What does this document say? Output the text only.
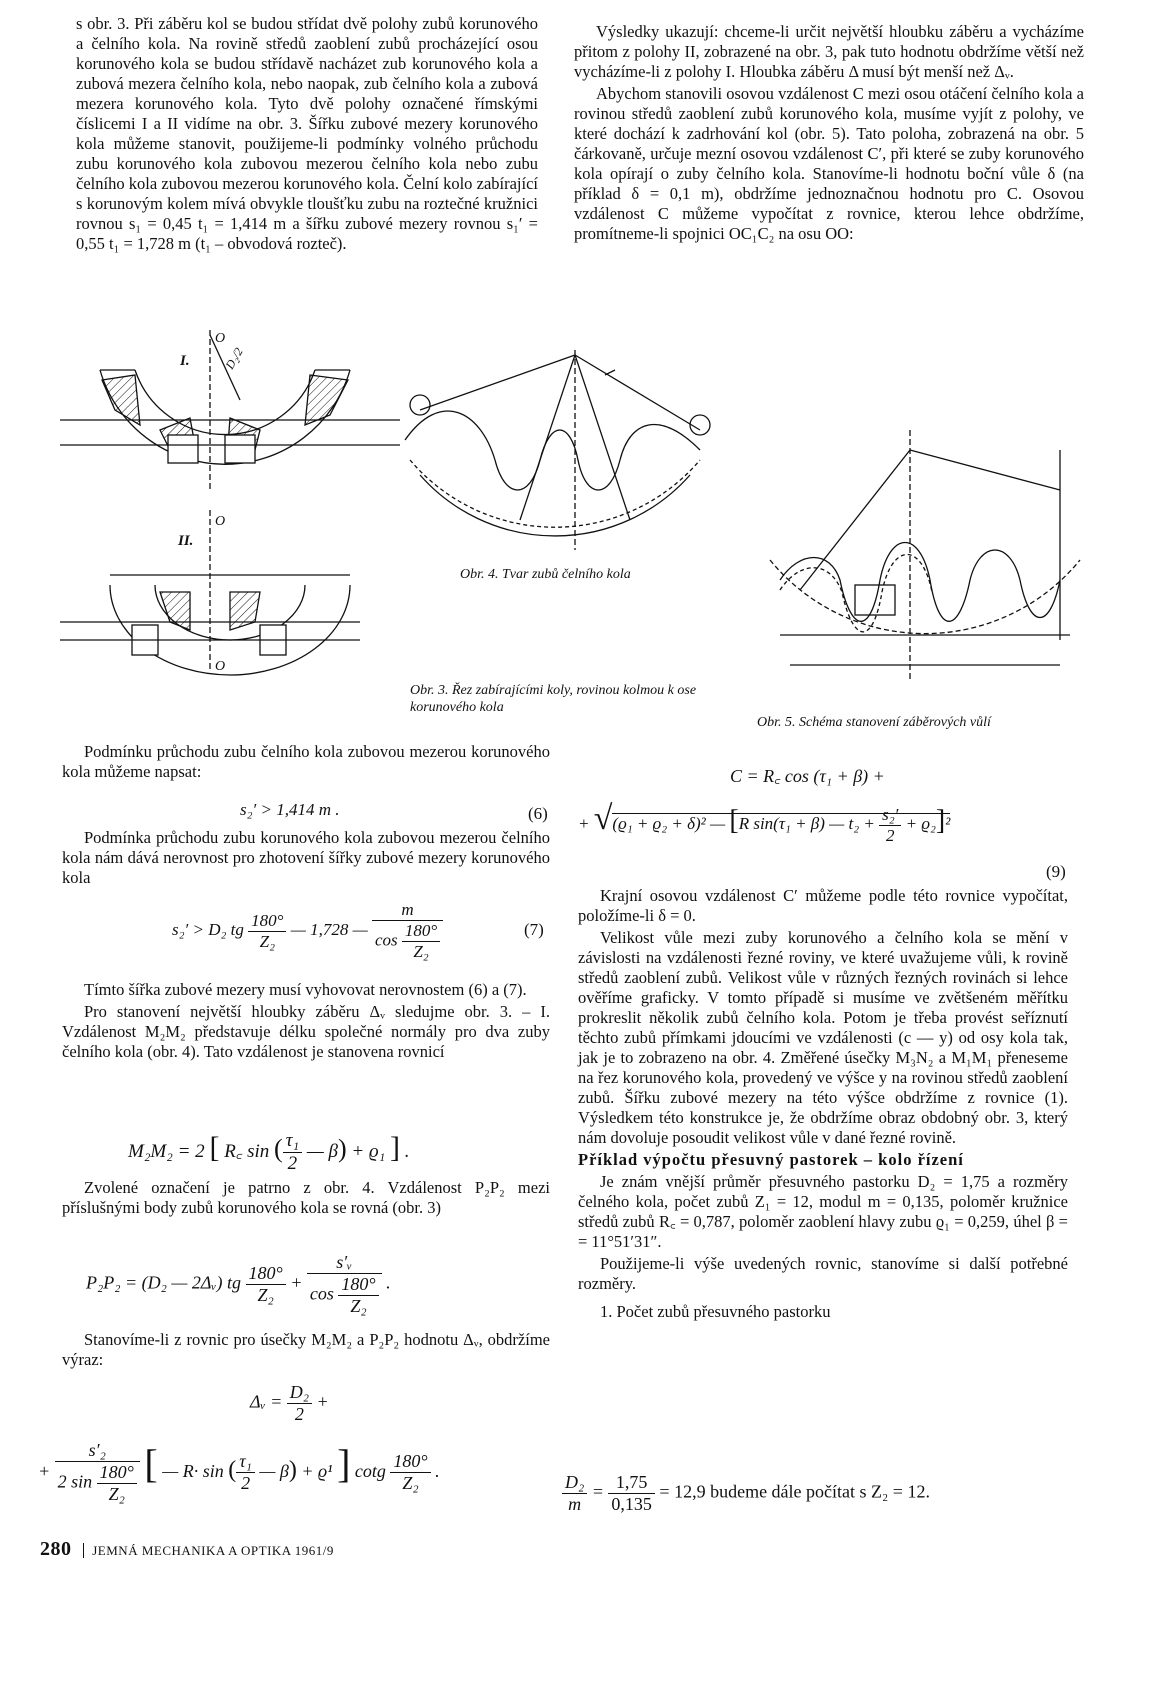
s obr. 3. Při záběru kol se budou střídat dvě polohy zubů korunového a čelního kola. Na rovině středů zaoblení zubů procházející osou korunového kola se budou střídavě nacházet zub korunového kola a zubová mezera čelního kola, nebo naopak, zub čelního kola a zubová mezera korunového kola. Tyto dvě polohy označené římskými číslicemi I a II vidíme na obr. 3. Šířku zubové mezery korunového kola můžeme stanovit, použijeme-li podmínky volného průchodu zubu korunového kola zubovou mezerou čelního kola nebo zubu čelního kola zubovou mezerou korunového kola. Čelní kolo zabírající s korunovým kolem mívá obvykle tloušťku zubu na roztečné kružnici rovnou s₁ = 0,45 t₁ = 1,414 m a šířku zubové mezery rovnou s₁′ = 0,55 t₁ = 1,728 m (t₁ – obvodová rozteč).

Výsledky ukazují: chceme-li určit největší hloubku záběru a vycházíme přitom z polohy II, zobrazené na obr. 3, pak tuto hodnotu obdržíme větší než vycházíme-li z polohy I. Hloubka záběru Δ musí být menší než Δᵥ.

Abychom stanovili osovou vzdálenost C mezi osou otáčení čelního kola a rovinou středů zaoblení zubů korunového kola, musíme vyjít z polohy, ve které dochází k zadrhování kol (obr. 5). Tato poloha, zobrazená na obr. 5 čárkovaně, určuje mezní osovou vzdálenost C′, při které se zuby korunového kola opírají o zuby čelního kola. Stanovíme-li hodnotu boční vůle δ (na příklad δ = 0,1 m), obdržíme jednoznačnou hodnotu pro C. Osovou vzdálenost C můžeme vypočítat z rovnice, kterou lehce obdržíme, promítneme-li spojnici OC₁C₂ na osu OO:

I.
O
D₂/2
II.
O
O
Obr. 4. Tvar zubů čelního kola
Obr. 3. Řez zabírajícími koly, rovinou kolmou k ose korunového kola
Obr. 5. Schéma stanovení záběrových vůlí

Podmínku průchodu zubu čelního kola zubovou mezerou korunového kola můžeme napsat:

s₂′ > 1,414 m .	(6)

Podmínka průchodu zubu korunového kola zubovou mezerou čelního kola nám dává nerovnost pro zhotovení šířky zubové mezery korunového kola

s₂′ > D₂ tg $\frac{180^\circ}{\text{Z₂}}$ — 1,728 — $\frac{m}{\cos \frac{180^\circ}{\text{Z₂}}}$	(7)

Tímto šířka zubové mezery musí vyhovovat nerovnostem (6) a (7).

Pro stanovení největší hloubky záběru Δᵥ sledujme obr. 3. – I. Vzdálenost M₂M₂ představuje délku společné normály pro dva zuby čelního kola (obr. 4). Tato vzdálenost je stanovena rovnicí

M₂M₂ = 2 [ R꜀ sin ( $\frac{\text{τ₁}}{2}$ — β) + ϱ₁ ] .

Zvolené označení je patrno z obr. 4. Vzdálenost P₂P₂ mezi příslušnými body zubů korunového kola se rovná (obr. 3)

P₂P₂ = (D₂ — 2Δᵥ) tg $\frac{180^\circ}{\text{Z₂}} + \frac{\text{s′ᵥ}}{\cos \frac{180^\circ}{\text{Z₂}}}$ .

Stanovíme-li z rovnic pro úsečky M₂M₂ a P₂P₂ hodnotu Δᵥ, obdržíme výraz:

Δᵥ = $\frac{\text{D₂}}{2}$ +
+ $\frac{\text{s′₂}}{2 \sin \frac{180^\circ}{\text{Z₂}}}$ [ — R· sin ( $\frac{\text{τ₁}}{2}$ — β) + ϱ¹ ] cotg $\frac{180^\circ}{\text{Z₂}}$ .
C = R꜀ cos (τ₁ + β) +
+ √(ϱ₁ + ϱ₂ + δ)² — [R sin(τ₁ + β) — $t_2 + \frac{\text{s₂′}}{2} + ϱ_2]^2$
(9)

Krajní osovou vzdálenost C′ můžeme podle této rovnice vypočítat, položíme-li δ = 0.

Velikost vůle mezi zuby korunového a čelního kola se mění v závislosti na vzdálenosti řezné roviny, ve které uvažujeme vůli, k rovině středů zaoblení zubů. Velikost vůle v různých řezných rovinách si lehce ověříme graficky. V tomto případě si musíme ve zvětšeném měřítku prokreslit několik zubů čelního kola. Potom je třeba provést seříznutí těchto zubů přímkami jdoucími ve vzdálenosti (c — y) od osy kola tak, jak je to zobrazeno na obr. 4. Změřené úsečky M₃N₂ a M₁M₁ přeneseme na řez korunového kola, provedený ve výšce y na rovinou středů zaoblení zubů. Šířku zubové mezery na této výšce obdržíme z rovnice (1). Výsledkem této konstrukce je, že obdržíme obraz obdobný obr. 3, který nám dovoluje posoudit velikost vůle v dané řezné rovině.

Příklad výpočtu přesuvný pastorek – kolo řízení

Je znám vnější průměr přesuvného pastorku D₂ = 1,75 a rozměry čelného kola, počet zubů Z₁ = 12, modul m = 0,135, poloměr kružnice středů zubů R꜀ = 0,787, poloměr zaoblení hlavy zubu ϱ₁ = 0,259, úhel β = = 11°51′31″.

Použijeme-li výše uvedených rovnic, stanovíme si další potřebné rozměry.

1. Počet zubů přesuvného pastorku

$\frac{\text{D₂}}{m} = \frac{1,75}{0,135} = 12,9$ budeme dále počítat s Z₂ = 12.
280 JEMNÁ MECHANIKA A OPTIKA 1961/9
